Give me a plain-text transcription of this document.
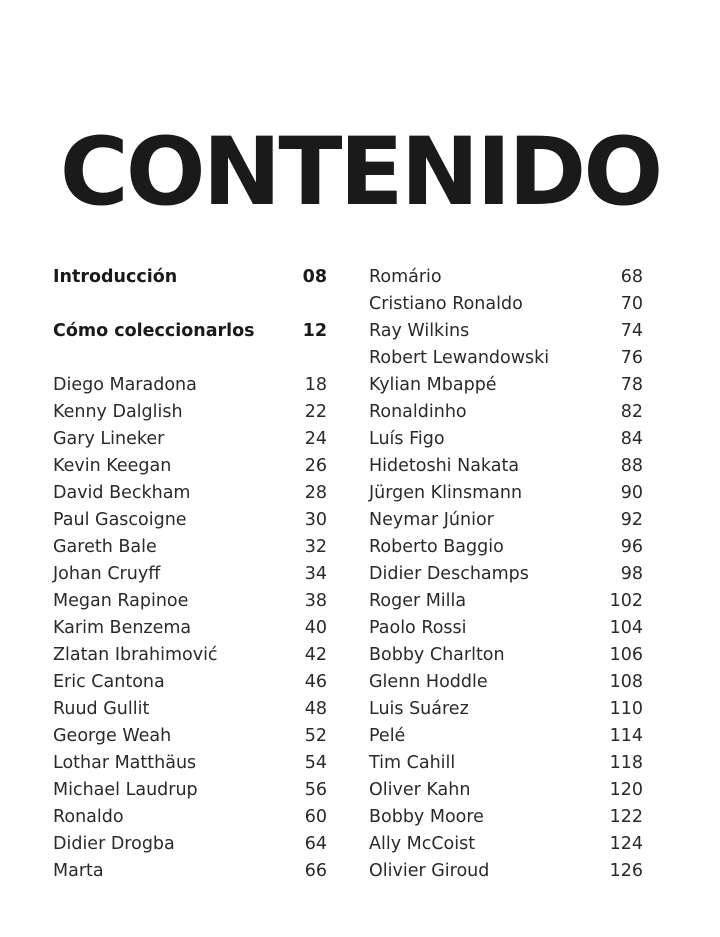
CONTENIDO
Introducción	08
Cómo coleccionarlos	12
Diego Maradona	18
Kenny Dalglish	22
Gary Lineker	24
Kevin Keegan	26
David Beckham	28
Paul Gascoigne	30
Gareth Bale	32
Johan Cruyff	34
Megan Rapinoe	38
Karim Benzema	40
Zlatan Ibrahimović	42
Eric Cantona	46
Ruud Gullit	48
George Weah	52
Lothar Matthäus	54
Michael Laudrup	56
Ronaldo	60
Didier Drogba	64
Marta	66
Romário	68
Cristiano Ronaldo	70
Ray Wilkins	74
Robert Lewandowski	76
Kylian Mbappé	78
Ronaldinho	82
Luís Figo	84
Hidetoshi Nakata	88
Jürgen Klinsmann	90
Neymar Júnior	92
Roberto Baggio	96
Didier Deschamps	98
Roger Milla	102
Paolo Rossi	104
Bobby Charlton	106
Glenn Hoddle	108
Luis Suárez	110
Pelé	114
Tim Cahill	118
Oliver Kahn	120
Bobby Moore	122
Ally McCoist	124
Olivier Giroud	126
